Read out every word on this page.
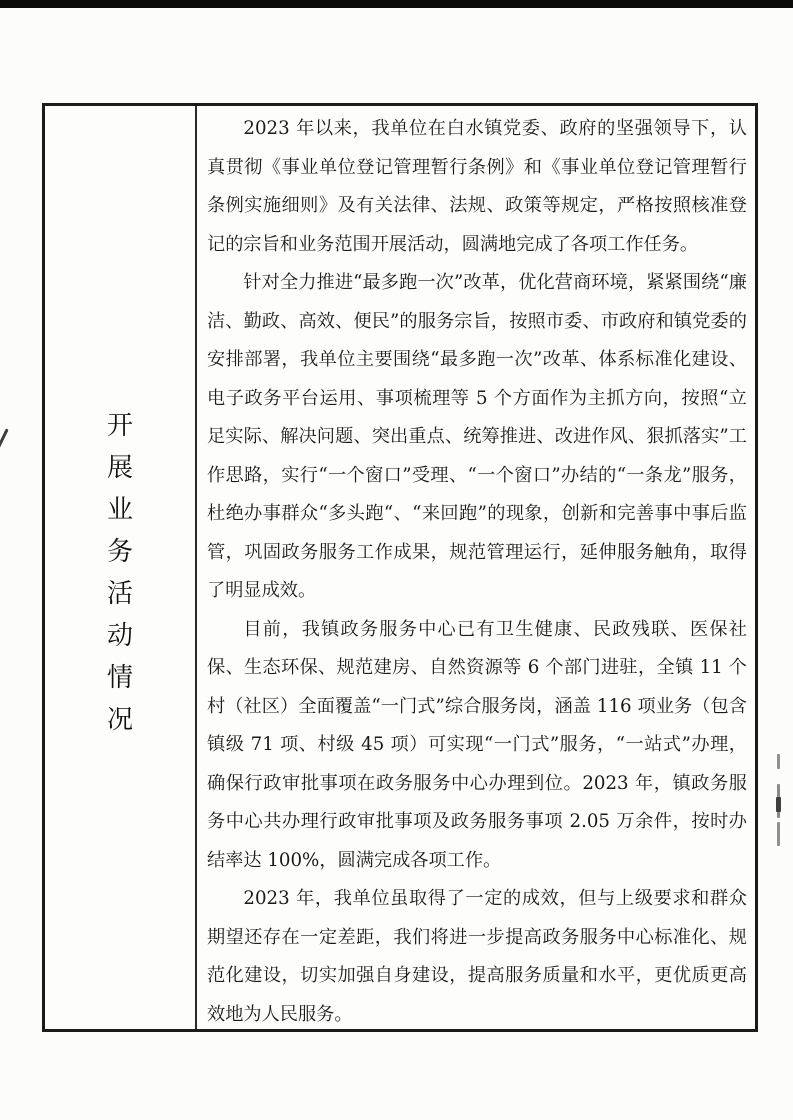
开
展
业
务
活
动
情
况

2023 年以来，我单位在白水镇党委、政府的坚强领导下，认真贯彻《事业单位登记管理暂行条例》和《事业单位登记管理暂行条例实施细则》及有关法律、法规、政策等规定，严格按照核准登记的宗旨和业务范围开展活动，圆满地完成了各项工作任务。

针对全力推进“最多跑一次”改革，优化营商环境，紧紧围绕“廉洁、勤政、高效、便民”的服务宗旨，按照市委、市政府和镇党委的安排部署，我单位主要围绕“最多跑一次”改革、体系标准化建设、电子政务平台运用、事项梳理等 5 个方面作为主抓方向，按照“立足实际、解决问题、突出重点、统筹推进、改进作风、狠抓落实”工作思路，实行“一个窗口”受理、“一个窗口”办结的“一条龙”服务，杜绝办事群众“多头跑“、“来回跑”的现象，创新和完善事中事后监管，巩固政务服务工作成果，规范管理运行，延伸服务触角，取得了明显成效。

目前，我镇政务服务中心已有卫生健康、民政残联、医保社保、生态环保、规范建房、自然资源等 6 个部门进驻，全镇 11 个村（社区）全面覆盖“一门式”综合服务岗，涵盖 116 项业务（包含镇级 71 项、村级 45 项）可实现“一门式”服务，“一站式”办理，确保行政审批事项在政务服务中心办理到位。2023 年，镇政务服务中心共办理行政审批事项及政务服务事项 2.05 万余件，按时办结率达 100%，圆满完成各项工作。

2023 年，我单位虽取得了一定的成效，但与上级要求和群众期望还存在一定差距，我们将进一步提高政务服务中心标准化、规范化建设，切实加强自身建设，提高服务质量和水平，更优质更高效地为人民服务。
